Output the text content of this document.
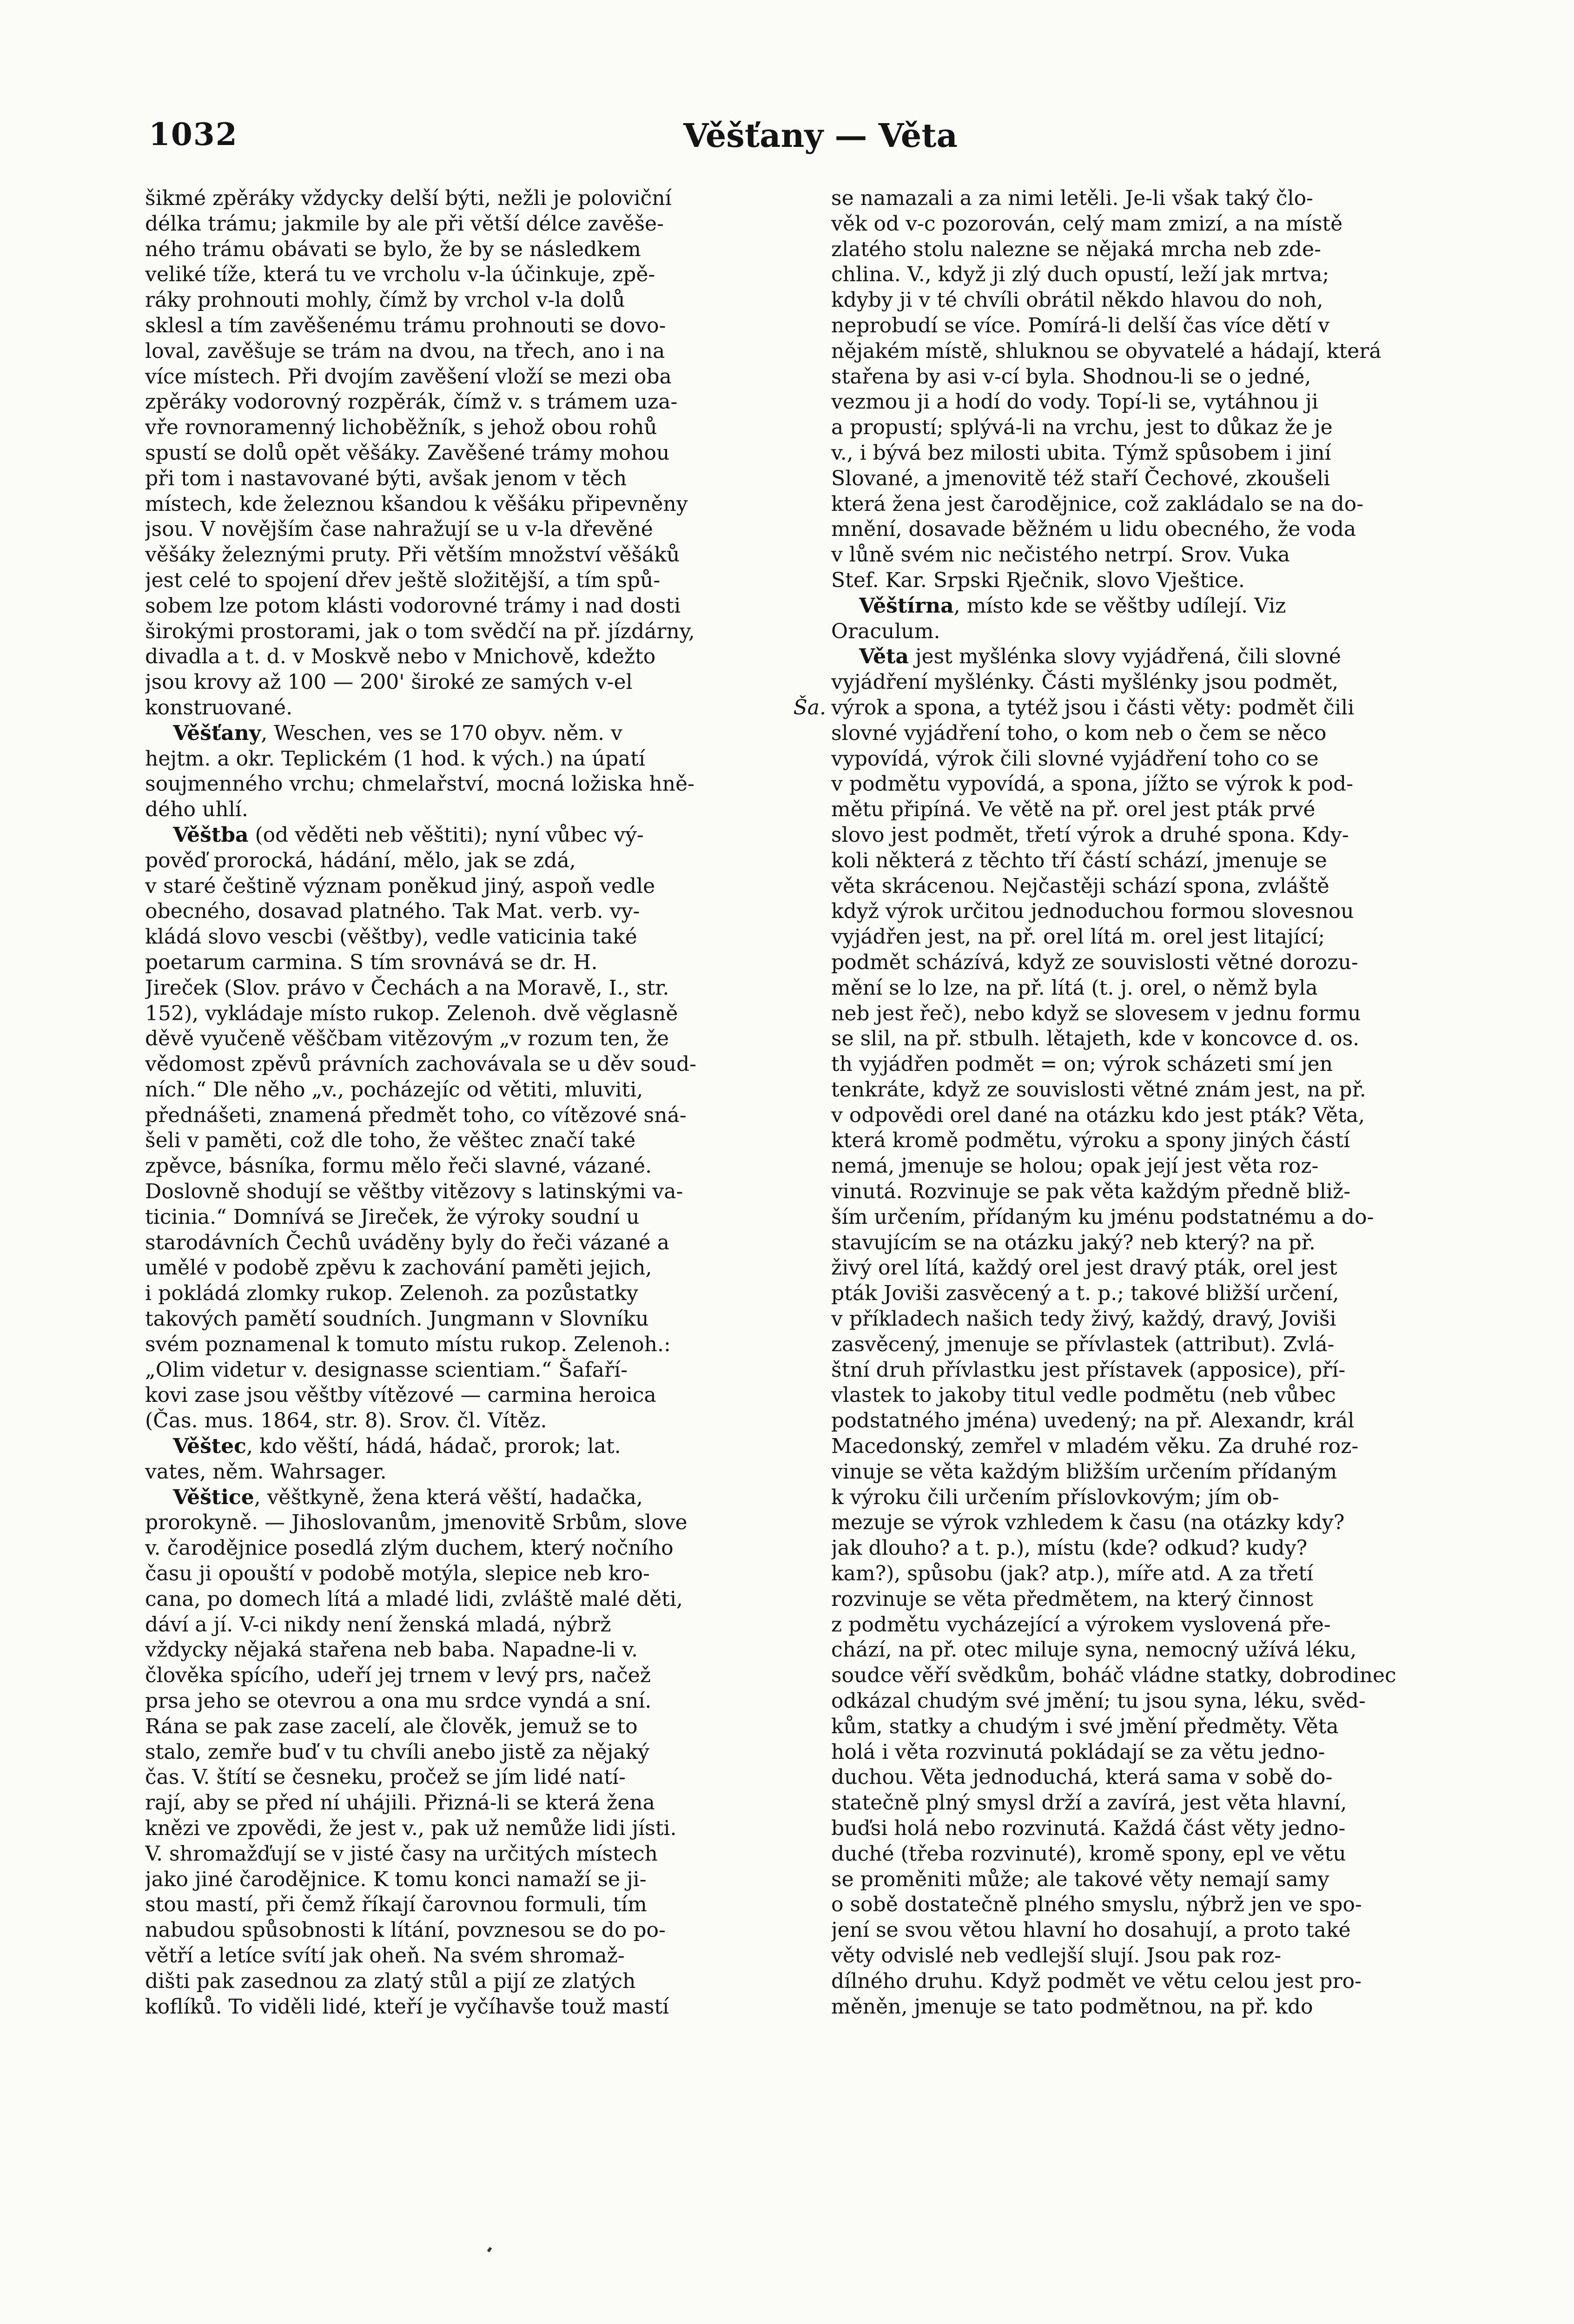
1032	Věšťany — Věta
šikmé zpěráky vždycky delší býti, nežli je poloviční
délka trámu; jakmile by ale při větší délce zavěše-
ného trámu obávati se bylo, že by se následkem
veliké tíže, která tu ve vrcholu v-la účinkuje, zpě-
ráky prohnouti mohly, čímž by vrchol v-la dolů
sklesl a tím zavěšenému trámu prohnouti se dovo-
loval, zavěšuje se trám na dvou, na třech, ano i na
více místech. Při dvojím zavěšení vloží se mezi oba
zpěráky vodorovný rozpěrák, čímž v. s trámem uza-
vře rovnoramenný lichoběžník, s jehož obou rohů
spustí se dolů opět věšáky. Zavěšené trámy mohou
při tom i nastavované býti, avšak jenom v těch
místech, kde železnou kšandou k věšáku připevněny
jsou. V novějším čase nahražují se u v-la dřevěné
věšáky železnými pruty. Při větším množství věšáků
jest celé to spojení dřev ještě složitější, a tím spů-
sobem lze potom klásti vodorovné trámy i nad dosti
širokými prostorami, jak o tom svědčí na př. jízdárny,
divadla a t. d. v Moskvě nebo v Mnichově, kdežto
jsou krovy až 100 — 200' široké ze samých v-el
konstruované.	Ša.
Věšťany, Weschen, ves se 170 obyv. něm. v
hejtm. a okr. Teplickém (1 hod. k vých.) na úpatí
soujmenného vrchu; chmelařství, mocná ložiska hně-
dého uhlí.
Věštba (od věděti neb věštiti); nyní vůbec vý-
pověď prorocká, hádání, mělo, jak se zdá,
v staré češtině význam poněkud jiný, aspoň vedle
obecného, dosavad platného. Tak Mat. verb. vy-
kládá slovo vescbi (věštby), vedle vaticinia také
poetarum carmina. S tím srovnává se dr. H.
Jireček (Slov. právo v Čechách a na Moravě, I., str.
152), vykládaje místo rukop. Zelenoh. dvě věglasně
děvě vyučeně věščbam vitězovým „v rozum ten, že
vědomost zpěvů právních zachovávala se u děv soud-
ních.“ Dle něho „v., pocházejíc od větiti, mluviti,
přednášeti, znamená předmět toho, co vítězové sná-
šeli v paměti, což dle toho, že věštec značí také
zpěvce, básníka, formu mělo řeči slavné, vázané.
Doslovně shodují se věštby vitězovy s latinskými va-
ticinia.“ Domnívá se Jireček, že výroky soudní u
starodávních Čechů uváděny byly do řeči vázané a
umělé v podobě zpěvu k zachování paměti jejich,
i pokládá zlomky rukop. Zelenoh. za pozůstatky
takových pamětí soudních. Jungmann v Slovníku
svém poznamenal k tomuto místu rukop. Zelenoh.:
„Olim videtur v. designasse scientiam.“ Šafaří-
kovi zase jsou věštby vítězové — carmina heroica
(Čas. mus. 1864, str. 8). Srov. čl. Vítěz.
Věštec, kdo věští, hádá, hádač, prorok; lat.
vates, něm. Wahrsager.
Věštice, věštkyně, žena která věští, hadačka,
prorokyně. — Jihoslovanům, jmenovitě Srbům, slove
v. čarodějnice posedlá zlým duchem, který nočního
času ji opouští v podobě motýla, slepice neb kro-
cana, po domech lítá a mladé lidi, zvláště malé děti,
dáví a jí. V-ci nikdy není ženská mladá, nýbrž
vždycky nějaká stařena neb baba. Napadne-li v.
člověka spícího, udeří jej trnem v levý prs, načež
prsa jeho se otevrou a ona mu srdce vyndá a sní.
Rána se pak zase zacelí, ale člověk, jemuž se to
stalo, zemře buď v tu chvíli anebo jistě za nějaký
čas. V. štítí se česneku, pročež se jím lidé natí-
rají, aby se před ní uhájili. Přizná-li se která žena
knězi ve zpovědi, že jest v., pak už nemůže lidi jísti.
V. shromažďují se v jisté časy na určitých místech
jako jiné čarodějnice. K tomu konci namaží se ji-
stou mastí, při čemž říkají čarovnou formuli, tím
nabudou spůsobnosti k lítání, povznesou se do po-
větří a letíce svítí jak oheň. Na svém shromaž-
dišti pak zasednou za zlatý stůl a pijí ze zlatých
koflíků. To viděli lidé, kteří je vyčíhavše touž mastí
se namazali a za nimi letěli. Je-li však taký člo-
věk od v-c pozorován, celý mam zmizí, a na místě
zlatého stolu nalezne se nějaká mrcha neb zde-
chlina. V., když ji zlý duch opustí, leží jak mrtva;
kdyby ji v té chvíli obrátil někdo hlavou do noh,
neprobudí se více. Pomírá-li delší čas více dětí v
nějakém místě, shluknou se obyvatelé a hádají, která
stařena by asi v-cí byla. Shodnou-li se o jedné,
vezmou ji a hodí do vody. Topí-li se, vytáhnou ji
a propustí; splývá-li na vrchu, jest to důkaz že je
v., i bývá bez milosti ubita. Týmž spůsobem i jiní
Slované, a jmenovitě též staří Čechové, zkoušeli
která žena jest čarodějnice, což zakládalo se na do-
mnění, dosavade běžném u lidu obecného, že voda
v lůně svém nic nečistého netrpí. Srov. Vuka
Stef. Kar. Srpski Rječnik, slovo Vještice.
Věštírna, místo kde se věštby udílejí. Viz
Oraculum.
Věta jest myšlénka slovy vyjádřená, čili slovné
vyjádření myšlénky. Části myšlénky jsou podmět,
výrok a spona, a tytéž jsou i části věty: podmět čili
slovné vyjádření toho, o kom neb o čem se něco
vypovídá, výrok čili slovné vyjádření toho co se
v podmětu vypovídá, a spona, jížto se výrok k pod-
mětu připíná. Ve větě na př. orel jest pták prvé
slovo jest podmět, třetí výrok a druhé spona. Kdy-
koli některá z těchto tří částí schází, jmenuje se
věta skrácenou. Nejčastěji schází spona, zvláště
když výrok určitou jednoduchou formou slovesnou
vyjádřen jest, na př. orel lítá m. orel jest litající;
podmět scházívá, když ze souvislosti větné dorozu-
mění se lo lze, na př. lítá (t. j. orel, o němž byla
neb jest řeč), nebo když se slovesem v jednu formu
se slil, na př. stbulh. lětajeth, kde v koncovce d. os.
th vyjádřen podmět = on; výrok scházeti smí jen
tenkráte, když ze souvislosti větné znám jest, na př.
v odpovědi orel dané na otázku kdo jest pták? Věta,
která kromě podmětu, výroku a spony jiných částí
nemá, jmenuje se holou; opak její jest věta roz-
vinutá. Rozvinuje se pak věta každým předně bliž-
ším určením, přídaným ku jménu podstatnému a do-
stavujícím se na otázku jaký? neb který? na př.
živý orel lítá, každý orel jest dravý pták, orel jest
pták Joviši zasvěcený a t. p.; takové bližší určení,
v příkladech našich tedy živý, každý, dravý, Joviši
zasvěcený, jmenuje se přívlastek (attribut). Zvlá-
štní druh přívlastku jest přístavek (apposice), pří-
vlastek to jakoby titul vedle podmětu (neb vůbec
podstatného jména) uvedený; na př. Alexandr, král
Macedonský, zemřel v mladém věku. Za druhé roz-
vinuje se věta každým bližším určením přídaným
k výroku čili určením příslovkovým; jím ob-
mezuje se výrok vzhledem k času (na otázky kdy?
jak dlouho? a t. p.), místu (kde? odkud? kudy?
kam?), spůsobu (jak? atp.), míře atd. A za třetí
rozvinuje se věta předmětem, na který činnost
z podmětu vycházející a výrokem vyslovená pře-
chází, na př. otec miluje syna, nemocný užívá léku,
soudce věří svědkům, boháč vládne statky, dobrodinec
odkázal chudým své jmění; tu jsou syna, léku, svěd-
kům, statky a chudým i své jmění předměty. Věta
holá i věta rozvinutá pokládají se za větu jedno-
duchou. Věta jednoduchá, která sama v sobě do-
statečně plný smysl drží a zavírá, jest věta hlavní,
buďsi holá nebo rozvinutá. Každá část věty jedno-
duché (třeba rozvinuté), kromě spony, epl ve větu
se proměniti může; ale takové věty nemají samy
o sobě dostatečně plného smyslu, nýbrž jen ve spo-
jení se svou větou hlavní ho dosahují, a proto také
věty odvislé neb vedlejší slují. Jsou pak roz-
dílného druhu. Když podmět ve větu celou jest pro-
měněn, jmenuje se tato podmětnou, na př. kdo
